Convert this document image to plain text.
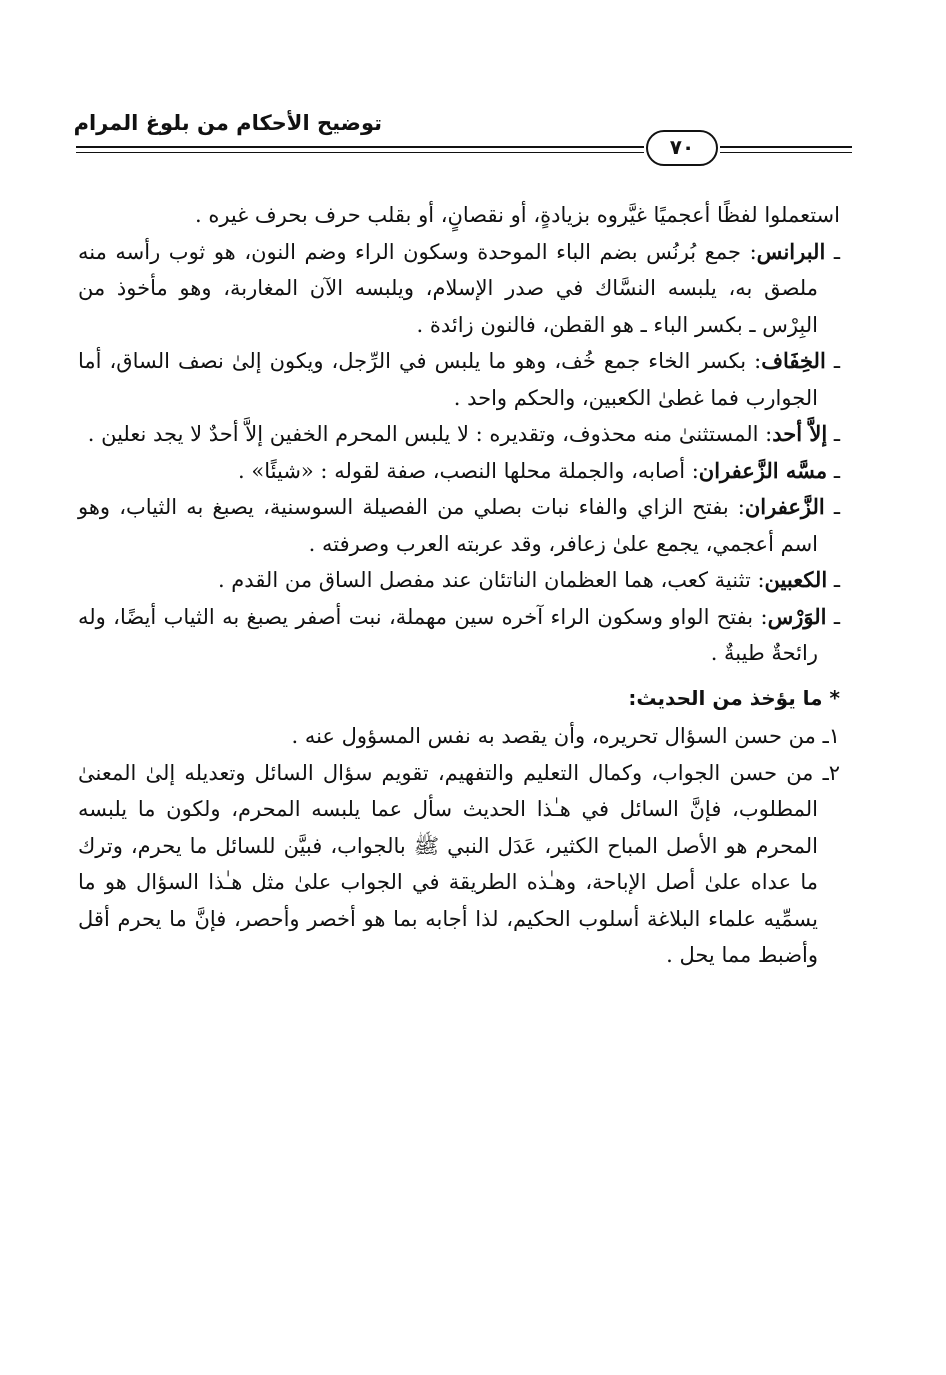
توضيح الأحكام من بلوغ المرام
٧٠

استعملوا لفظًا أعجميًا غيَّروه بزيادةٍ، أو نقصانٍ، أو بقلب حرف بحرف غيره .

ـ البرانس: جمع بُرنُس بضم الباء الموحدة وسكون الراء وضم النون، هو ثوب رأسه منه ملصق به، يلبسه النسَّاك في صدر الإسلام، ويلبسه الآن المغاربة، وهو مأخوذ من البِرْس ـ بكسر الباء ـ هو القطن، فالنون زائدة .

ـ الخِفَاف: بكسر الخاء جمع خُف، وهو ما يلبس في الرِّجل، ويكون إلىٰ نصف الساق، أما الجوارب فما غطىٰ الكعبين، والحكم واحد .

ـ إلاَّ أحد: المستثنىٰ منه محذوف، وتقديره : لا يلبس المحرم الخفين إلاَّ أحدٌ لا يجد نعلين .

ـ مسَّه الزَّعفران: أصابه، والجملة محلها النصب، صفة لقوله : «شيئًا» .

ـ الزَّعفران: بفتح الزاي والفاء نبات بصلي من الفصيلة السوسنية، يصبغ به الثياب، وهو اسم أعجمي، يجمع علىٰ زعافر، وقد عربته العرب وصرفته .

ـ الكعبين: تثنية كعب، هما العظمان الناتئان عند مفصل الساق من القدم .

ـ الوَرْس: بفتح الواو وسكون الراء آخره سين مهملة، نبت أصفر يصبغ به الثياب أيضًا، وله رائحةٌ طيبةٌ .

* ما يؤخذ من الحديث:

١ـ من حسن السؤال تحريره، وأن يقصد به نفس المسؤول عنه .

٢ـ من حسن الجواب، وكمال التعليم والتفهيم، تقويم سؤال السائل وتعديله إلىٰ المعنىٰ المطلوب، فإنَّ السائل في هـٰذا الحديث سأل عما يلبسه المحرم، ولكون ما يلبسه المحرم هو الأصل المباح الكثير، عَدَل النبي ﷺ بالجواب، فبيَّن للسائل ما يحرم، وترك ما عداه علىٰ أصل الإباحة، وهـٰذه الطريقة في الجواب علىٰ مثل هـٰذا السؤال هو ما يسمِّيه علماء البلاغة أسلوب الحكيم، لذا أجابه بما هو أخصر وأحصر، فإنَّ ما يحرم أقل وأضبط مما يحل .
